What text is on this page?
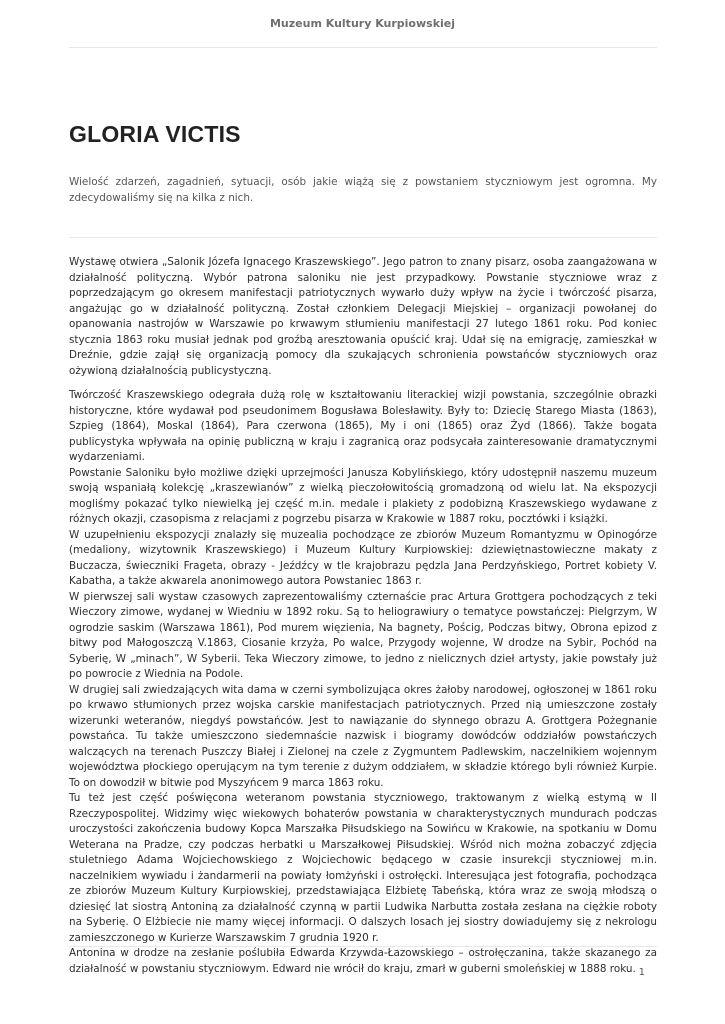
Muzeum Kultury Kurpiowskiej
GLORIA VICTIS

Wielość zdarzeń, zagadnień, sytuacji, osób jakie wiążą się z powstaniem styczniowym jest ogromna. My zdecydowaliśmy się na kilka z nich.

Wystawę otwiera „Salonik Józefa Ignacego Kraszewskiego”. Jego patron to znany pisarz, osoba zaangażowana w działalność polityczną. Wybór patrona saloniku nie jest przypadkowy. Powstanie styczniowe wraz z poprzedzającym go okresem manifestacji patriotycznych wywarło duży wpływ na życie i twórczość pisarza, angażując go w działalność polityczną. Został członkiem Delegacji Miejskiej – organizacji powołanej do opanowania nastrojów w Warszawie po krwawym stłumieniu manifestacji 27 lutego 1861 roku. Pod koniec stycznia 1863 roku musiał jednak pod groźbą aresztowania opuścić kraj. Udał się na emigrację, zamieszkał w Dreźnie, gdzie zajął się organizacją pomocy dla szukających schronienia powstańców styczniowych oraz ożywioną działalnością publicystyczną.

Twórczość Kraszewskiego odegrała dużą rolę w kształtowaniu literackiej wizji powstania, szczególnie obrazki historyczne, które wydawał pod pseudonimem Bogusława Bolesławity. Były to: Dziecię Starego Miasta (1863), Szpieg (1864), Moskal (1864), Para czerwona (1865), My i oni (1865) oraz Żyd (1866). Także bogata publicystyka wpływała na opinię publiczną w kraju i zagranicą oraz podsycała zainteresowanie dramatycznymi wydarzeniami.

Powstanie Saloniku było możliwe dzięki uprzejmości Janusza Kobylińskiego, który udostępnił naszemu muzeum swoją wspaniałą kolekcję „kraszewianów” z wielką pieczołowitością gromadzoną od wielu lat. Na ekspozycji mogliśmy pokazać tylko niewielką jej część m.in. medale i plakiety z podobizną Kraszewskiego wydawane z różnych okazji, czasopisma z relacjami z pogrzebu pisarza w Krakowie w 1887 roku, pocztówki i książki.

W uzupełnieniu ekspozycji znalazły się muzealia pochodzące ze zbiorów Muzeum Romantyzmu w Opinogórze (medaliony, wizytownik Kraszewskiego) i Muzeum Kultury Kurpiowskiej: dziewiętnastowieczne makaty z Buczacza, świeczniki Frageta, obrazy - Jeźdźcy w tle krajobrazu pędzla Jana Perdzyńskiego, Portret kobiety V. Kabatha, a także akwarela anonimowego autora Powstaniec 1863 r.

W pierwszej sali wystaw czasowych zaprezentowaliśmy czternaście prac Artura Grottgera pochodzących z teki Wieczory zimowe, wydanej w Wiedniu w 1892 roku. Są to heliograwiury o tematyce powstańczej: Pielgrzym, W ogrodzie saskim (Warszawa 1861), Pod murem więzienia, Na bagnety, Pościg, Podczas bitwy, Obrona epizod z bitwy pod Małogoszczą V.1863, Ciosanie krzyża, Po walce, Przygody wojenne, W drodze na Sybir, Pochód na Syberię, W „minach”, W Syberii. Teka Wieczory zimowe, to jedno z nielicznych dzieł artysty, jakie powstały już po powrocie z Wiednia na Podole.

W drugiej sali zwiedzających wita dama w czerni symbolizująca okres żałoby narodowej, ogłoszonej w 1861 roku po krwawo stłumionych przez wojska carskie manifestacjach patriotycznych. Przed nią umieszczone zostały wizerunki weteranów, niegdyś powstańców. Jest to nawiązanie do słynnego obrazu A. Grottgera Pożegnanie powstańca. Tu także umieszczono siedemnaście nazwisk i biogramy dowódców oddziałów powstańczych walczących na terenach Puszczy Białej i Zielonej na czele z Zygmuntem Padlewskim, naczelnikiem wojennym województwa płockiego operującym na tym terenie z dużym oddziałem, w składzie którego byli również Kurpie. To on dowodził w bitwie pod Myszyńcem 9 marca 1863 roku.

Tu też jest część poświęcona weteranom powstania styczniowego, traktowanym z wielką estymą w II Rzeczypospolitej. Widzimy więc wiekowych bohaterów powstania w charakterystycznych mundurach podczas uroczystości zakończenia budowy Kopca Marszałka Piłsudskiego na Sowińcu w Krakowie, na spotkaniu w Domu Weterana na Pradze, czy podczas herbatki u Marszałkowej Piłsudskiej. Wśród nich można zobaczyć zdjęcia stuletniego Adama Wojciechowskiego z Wojciechowic będącego w czasie insurekcji styczniowej m.in. naczelnikiem wywiadu i żandarmerii na powiaty łomżyński i ostrołęcki. Interesująca jest fotografia, pochodząca ze zbiorów Muzeum Kultury Kurpiowskiej, przedstawiająca Elżbietę Tabeńską, która wraz ze swoją młodszą o dziesięć lat siostrą Antoniną za działalność czynną w partii Ludwika Narbutta została zesłana na ciężkie roboty na Syberię. O Elżbiecie nie mamy więcej informacji. O dalszych losach jej siostry dowiadujemy się z nekrologu zamieszczonego w Kurierze Warszawskim 7 grudnia 1920 r.

Antonina w drodze na zesłanie poślubiła Edwarda Krzywda-Łazowskiego – ostrołęczanina, także skazanego za działalność w powstaniu styczniowym. Edward nie wrócił do kraju, zmarł w guberni smoleńskiej w 1888 roku. 1
